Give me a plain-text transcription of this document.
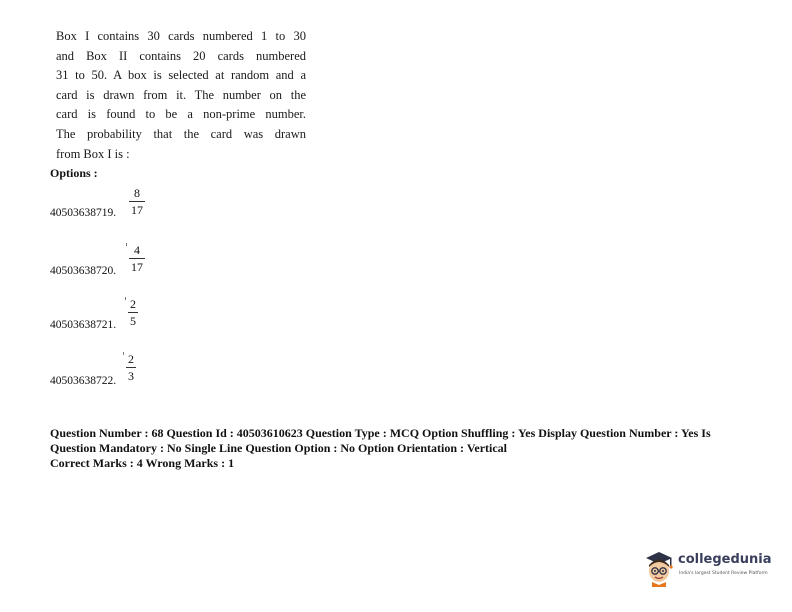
Box I contains 30 cards numbered 1 to 30
and Box II contains 20 cards numbered
31 to 50. A box is selected at random and a
card is drawn from it. The number on the
card is found to be a non-prime number.
The probability that the card was drawn
from Box I is :
Options :
40503638719.
8
17
40503638720.
4
17
40503638721.
2
5
40503638722.
2
3
Question Number : 68 Question Id : 40503610623 Question Type : MCQ Option Shuffling : Yes Display Question Number : Yes Is
Question Mandatory : No Single Line Question Option : No Option Orientation : Vertical
Correct Marks : 4 Wrong Marks : 1
collegedunia
India's largest Student Review Platform
